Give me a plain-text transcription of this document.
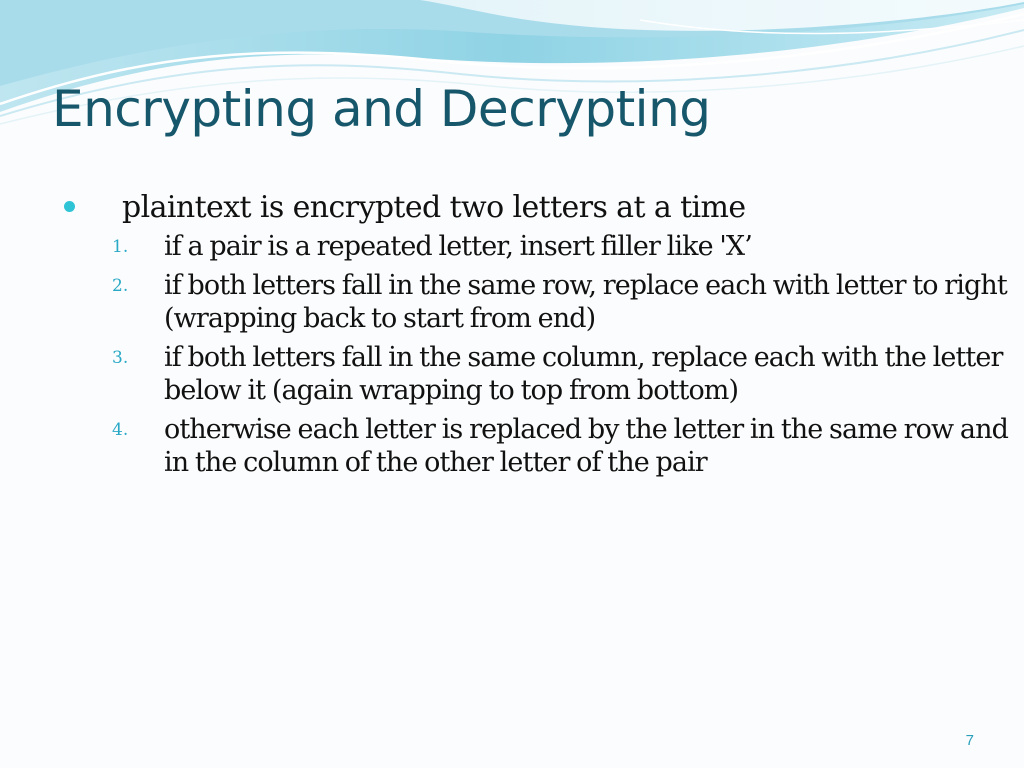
Encrypting and Decrypting
plaintext is encrypted two letters at a time
1. if a pair is a repeated letter, insert filler like 'X’
2. if both letters fall in the same row, replace each with letter to right (wrapping back to start from end)
3. if both letters fall in the same column, replace each with the letter below it (again wrapping to top from bottom)
4. otherwise each letter is replaced by the letter in the same row and in the column of the other letter of the pair
7
